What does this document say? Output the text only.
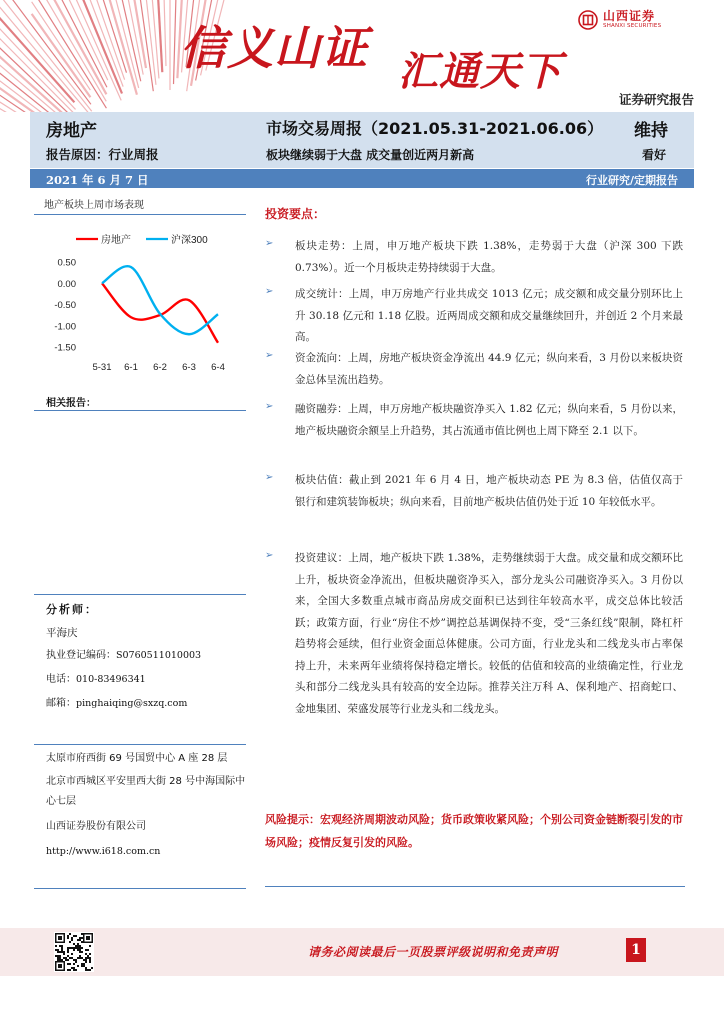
信义山证 汇通天下
山西证券
SHANXI SECURITIES
证券研究报告
房地产
报告原因：行业周报
市场交易周报（2021.05.31-2021.06.06）
板块继续弱于大盘 成交量创近两月新高
维持
看好
2021 年 6 月 7 日	行业研究/定期报告
地产板块上周市场表现
房地产	沪深300
0.50
0.00
-0.50
-1.00
-1.50
5-31 6-1 6-2 6-3 6-4
相关报告：
分析师：
平海庆
执业登记编码：S0760511010003
电话：010-83496341
邮箱：pinghaiqing@sxzq.com
太原市府西街 69 号国贸中心 A 座 28 层
北京市西城区平安里西大街 28 号中海国际中心七层
山西证券股份有限公司
http://www.i618.com.cn
投资要点：
➢	板块走势：上周，申万地产板块下跌 1.38%，走势弱于大盘（沪深 300 下跌 0.73%）。近一个月板块走势持续弱于大盘。
➢	成交统计：上周，申万房地产行业共成交 1013 亿元；成交额和成交量分别环比上升 30.18 亿元和 1.18 亿股。近两周成交额和成交量继续回升，并创近 2 个月来最高。
➢	资金流向：上周，房地产板块资金净流出 44.9 亿元；纵向来看，3 月份以来板块资金总体呈流出趋势。
➢	融资融券：上周，申万房地产板块融资净买入 1.82 亿元；纵向来看，5 月份以来，地产板块融资余额呈上升趋势，其占流通市值比例也上周下降至 2.1 以下。
➢	板块估值：截止到 2021 年 6 月 4 日，地产板块动态 PE 为 8.3 倍，估值仅高于银行和建筑装饰板块；纵向来看，目前地产板块估值仍处于近 10 年较低水平。
➢	投资建议：上周，地产板块下跌 1.38%，走势继续弱于大盘。成交量和成交额环比上升，板块资金净流出，但板块融资净买入，部分龙头公司融资净买入。3 月份以来，全国大多数重点城市商品房成交面积已达到往年较高水平，成交总体比较活跃；政策方面，行业“房住不炒”调控总基调保持不变，受“三条红线”限制，降杠杆趋势将会延续，但行业资金面总体健康。公司方面，行业龙头和二线龙头市占率保持上升，未来两年业绩将保持稳定增长。较低的估值和较高的业绩确定性，行业龙头和部分二线龙头具有较高的安全边际。推荐关注万科 A、保利地产、招商蛇口、金地集团、荣盛发展等行业龙头和二线龙头。
风险提示：宏观经济周期波动风险；货币政策收紧风险；个别公司资金链断裂引发的市场风险；疫情反复引发的风险。
请务必阅读最后一页股票评级说明和免责声明	1
